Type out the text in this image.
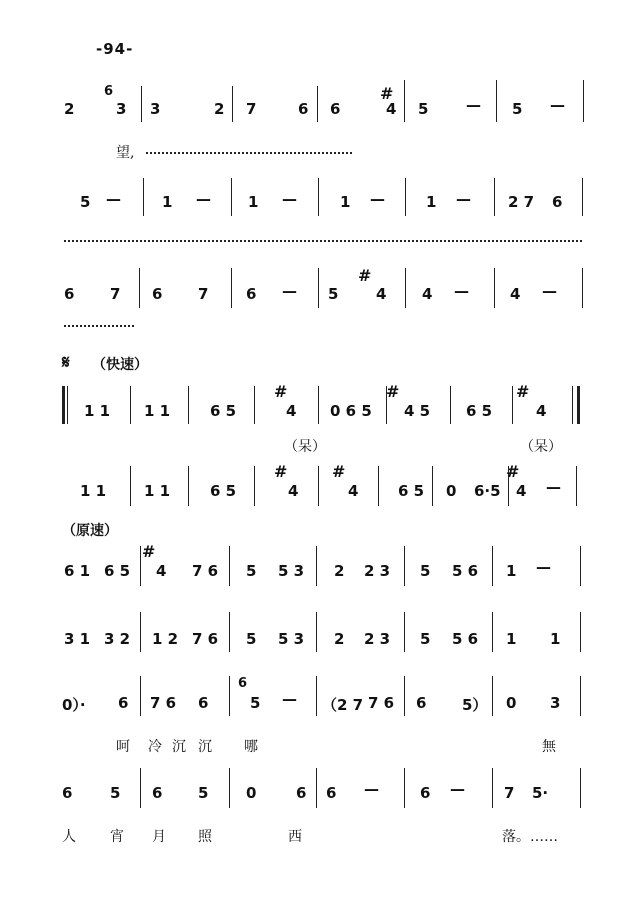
-94-
2
6
3 3	2 7	6 6
#
4 5	— 5 —
望,
5 —	1 — 1 —	1 —	1 — 2 7 6
6 7 6 7	6 — 5
#
4 4 —	4 —
𝄋 （快速）
1 1 1 1	6 5
#
4 0 6 5
#
4 5 6 5
#
4
（呆）	（呆）
1 1	1 1	6 5
#
4
#
4	6 5 0 6·5
#
4 —
（原速）
6 1 6 5
#
4 7 6 5 5 3 2 2 3 5 5 6 1 —
3 1 3 2 1 2 7 6 5 5 3 2 2 3 5 5 6 1 1
0）· 6 7 6 6
6
5 — （2 7 7 6 6 5） 0 3
呵 冷 沉 沉 哪	無
6	5 6 5	0	6 6 —	6 —	7 5·
人 宵 月 照	西	落。……
